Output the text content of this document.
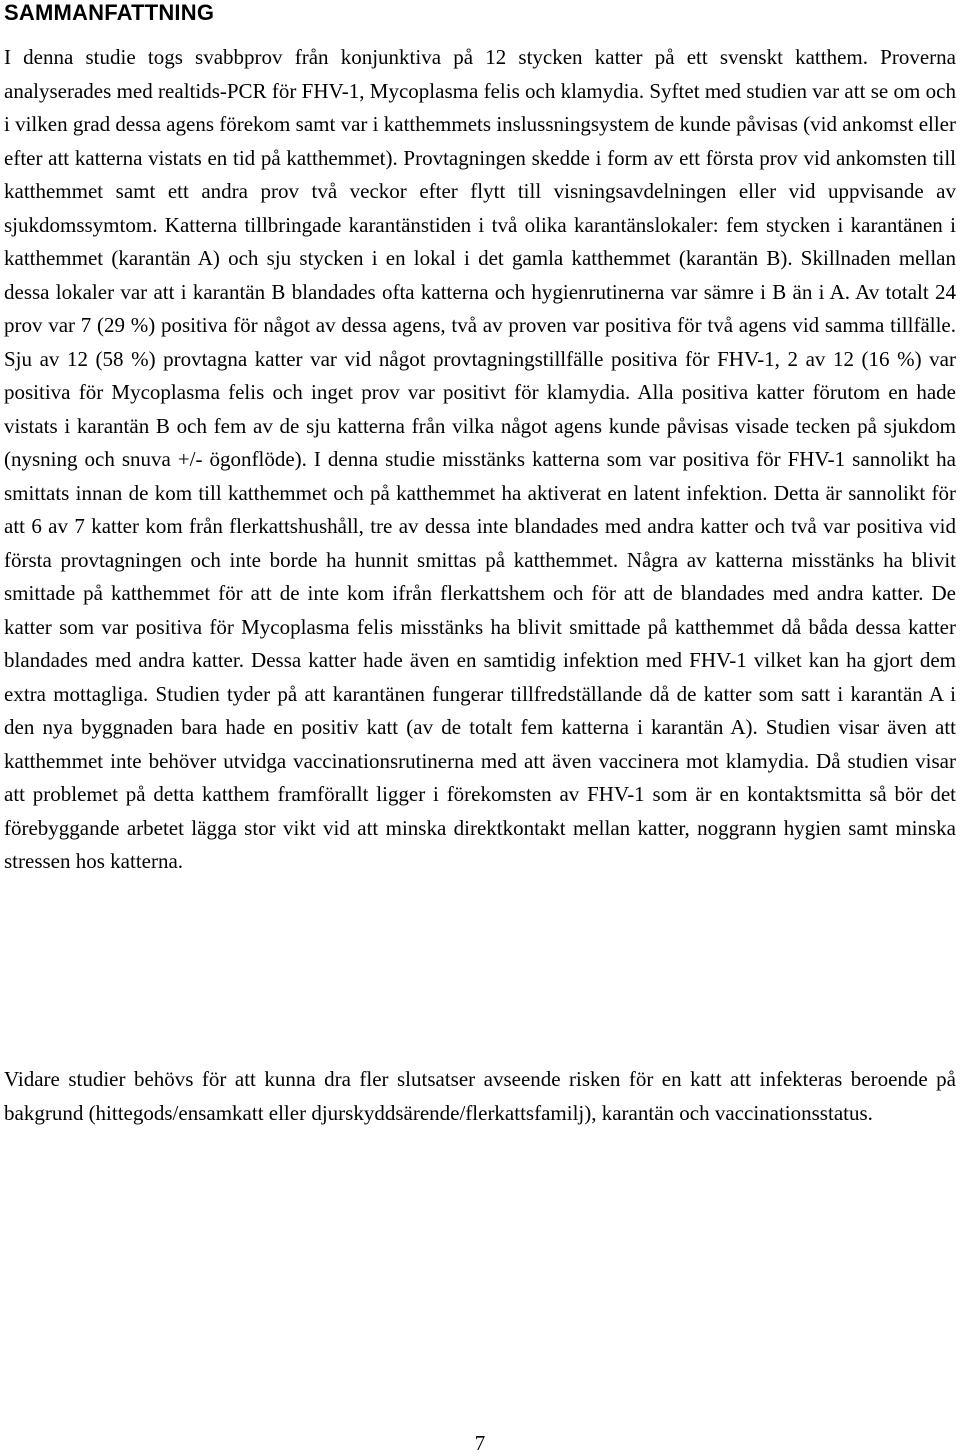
SAMMANFATTNING

I denna studie togs svabbprov från konjunktiva på 12 stycken katter på ett svenskt katthem. Proverna analyserades med realtids-PCR för FHV-1, Mycoplasma felis och klamydia. Syftet med studien var att se om och i vilken grad dessa agens förekom samt var i katthemmets inslussningsystem de kunde påvisas (vid ankomst eller efter att katterna vistats en tid på katthemmet). Provtagningen skedde i form av ett första prov vid ankomsten till katthemmet samt ett andra prov två veckor efter flytt till visningsavdelningen eller vid uppvisande av sjukdomssymtom. Katterna tillbringade karantänstiden i två olika karantänslokaler: fem stycken i karantänen i katthemmet (karantän A) och sju stycken i en lokal i det gamla katthemmet (karantän B). Skillnaden mellan dessa lokaler var att i karantän B blandades ofta katterna och hygienrutinerna var sämre i B än i A. Av totalt 24 prov var 7 (29 %) positiva för något av dessa agens, två av proven var positiva för två agens vid samma tillfälle. Sju av 12 (58 %) provtagna katter var vid något provtagningstillfälle positiva för FHV-1, 2 av 12 (16 %) var positiva för Mycoplasma felis och inget prov var positivt för klamydia. Alla positiva katter förutom en hade vistats i karantän B och fem av de sju katterna från vilka något agens kunde påvisas visade tecken på sjukdom (nysning och snuva +/- ögonflöde). I denna studie misstänks katterna som var positiva för FHV-1 sannolikt ha smittats innan de kom till katthemmet och på katthemmet ha aktiverat en latent infektion. Detta är sannolikt för att 6 av 7 katter kom från flerkattshushåll, tre av dessa inte blandades med andra katter och två var positiva vid första provtagningen och inte borde ha hunnit smittas på katthemmet. Några av katterna misstänks ha blivit smittade på katthemmet för att de inte kom ifrån flerkattshem och för att de blandades med andra katter. De katter som var positiva för Mycoplasma felis misstänks ha blivit smittade på katthemmet då båda dessa katter blandades med andra katter. Dessa katter hade även en samtidig infektion med FHV-1 vilket kan ha gjort dem extra mottagliga. Studien tyder på att karantänen fungerar tillfredställande då de katter som satt i karantän A i den nya byggnaden bara hade en positiv katt (av de totalt fem katterna i karantän A). Studien visar även att katthemmet inte behöver utvidga vaccinationsrutinerna med att även vaccinera mot klamydia. Då studien visar att problemet på detta katthem framförallt ligger i förekomsten av FHV-1 som är en kontaktsmitta så bör det förebyggande arbetet lägga stor vikt vid att minska direktkontakt mellan katter, noggrann hygien samt minska stressen hos katterna.

Vidare studier behövs för att kunna dra fler slutsatser avseende risken för en katt att infekteras beroende på bakgrund (hittegods/ensamkatt eller djurskyddsärende/flerkattsfamilj), karantän och vaccinationsstatus.

7
